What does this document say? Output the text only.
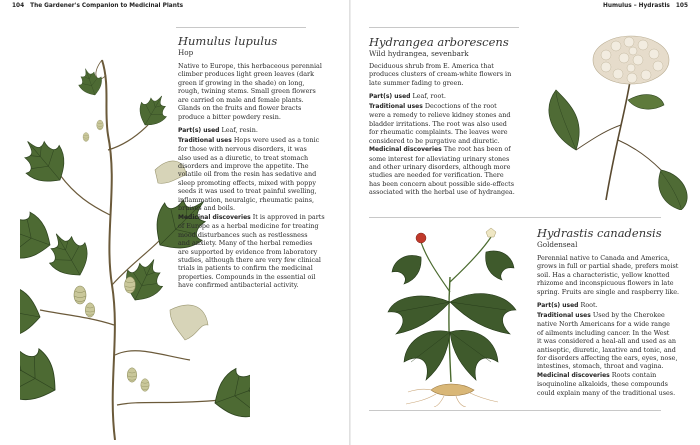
104 The Gardener's Companion to Medicinal Plants
Humulus lupulus
Hop

Native to Europe, this herbaceous perennial
climber produces light green leaves (dark
green if growing in the shade) on long,
rough, twining stems. Small green flowers
are carried on male and female plants.
Glands on the fruits and flower bracts
produce a bitter powdery resin.

Part(s) used Leaf, resin.
Traditional uses Hops were used as a tonic
for those with nervous disorders, it was
also used as a diuretic, to treat stomach
disorders and improve the appetite. The
volatile oil from the resin has sedative and
sleep promoting effects, mixed with poppy
seeds it was used to treat painful swelling,
inflammation, neuralgic, rheumatic pains,
bruises and boils.
Medicinal discoveries It is approved in parts
of Europe as a herbal medicine for treating
mood disturbances such as restlessness
and anxiety. Many of the herbal remedies
are supported by evidence from laboratory
studies, although there are very few clinical
trials in patients to confirm the medicinal
properties. Compounds in the essential oil
have confirmed antibacterial activity.

Humulus – Hydrastis 105
Hydrangea arborescens
Wild hydrangea, sevenbark

Deciduous shrub from E. America that
produces clusters of cream-white flowers in
late summer fading to green.

Part(s) used Leaf, root.
Traditional uses Decoctions of the root
were a remedy to relieve kidney stones and
bladder irritations. The root was also used
for rheumatic complaints. The leaves were
considered to be purgative and diuretic.
Medicinal discoveries The root has been of
some interest for alleviating urinary stones
and other urinary disorders, although more
studies are needed for verification. There
has been concern about possible side-effects
associated with the herbal use of hydrangea.

Hydrastis canadensis
Goldenseal

Perennial native to Canada and America,
grows in full or partial shade, prefers moist
soil. Has a characteristic, yellow knotted
rhizome and inconspicuous flowers in late
spring. Fruits are single and raspberry like.

Part(s) used Root.
Traditional uses Used by the Cherokee
native North Americans for a wide range
of ailments including cancer. In the West
it was considered a heal-all and used as an
antiseptic, diuretic, laxative and tonic, and
for disorders affecting the ears, eyes, nose,
intestines, stomach, throat and vagina.
Medicinal discoveries Roots contain
isoquinoline alkaloids, these compounds
could explain many of the traditional uses.
